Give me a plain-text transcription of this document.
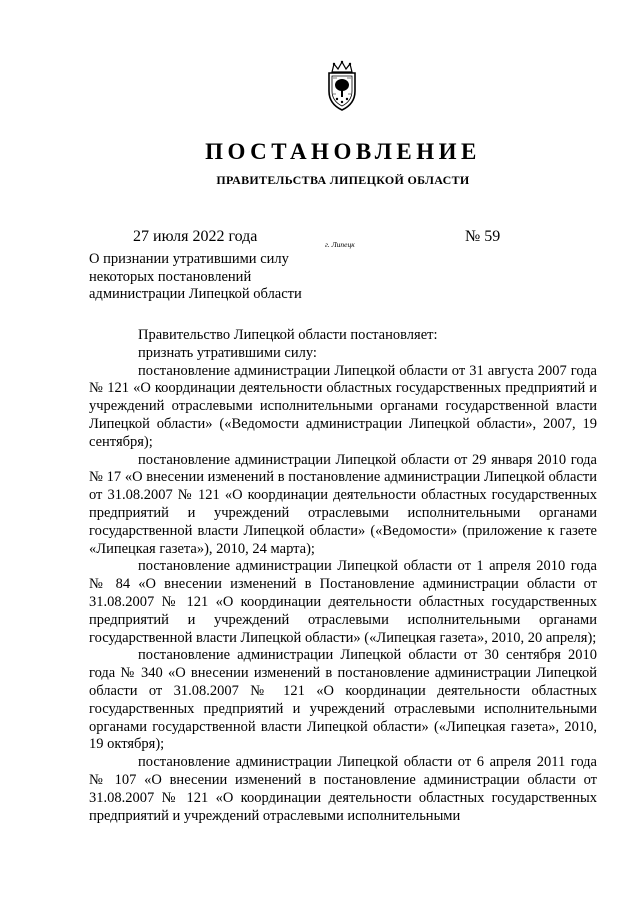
ПОСТАНОВЛЕНИЕ
ПРАВИТЕЛЬСТВА ЛИПЕЦКОЙ ОБЛАСТИ
27 июля 2022 года	г. Липецк	№ 59
О признании утратившими силу
некоторых постановлений
администрации Липецкой области

Правительство Липецкой области постановляет:

признать утратившими силу:

постановление администрации Липецкой области от 31 августа 2007 года № 121 «О координации деятельности областных государственных предприятий и учреждений отраслевыми исполнительными органами государственной власти Липецкой области» («Ведомости администрации Липецкой области», 2007, 19 сентября);

постановление администрации Липецкой области от 29 января 2010 года № 17 «О внесении изменений в постановление администрации Липецкой области от 31.08.2007 № 121 «О координации деятельности областных государственных предприятий и учреждений отраслевыми исполнительными органами государственной власти Липецкой области» («Ведомости» (приложение к газете «Липецкая газета»), 2010, 24 марта);

постановление администрации Липецкой области от 1 апреля 2010 года № 84 «О внесении изменений в Постановление администрации области от 31.08.2007 № 121 «О координации деятельности областных государственных предприятий и учреждений отраслевыми исполнительными органами государственной власти Липецкой области» («Липецкая газета», 2010, 20 апреля);

постановление администрации Липецкой области от 30 сентября 2010 года № 340 «О внесении изменений в постановление администрации Липецкой области от 31.08.2007 № 121 «О координации деятельности областных государственных предприятий и учреждений отраслевыми исполнительными органами государственной власти Липецкой области» («Липецкая газета», 2010, 19 октября);

постановление администрации Липецкой области от 6 апреля 2011 года № 107 «О внесении изменений в постановление администрации области от 31.08.2007 № 121 «О координации деятельности областных государственных предприятий и учреждений отраслевыми исполнительными
